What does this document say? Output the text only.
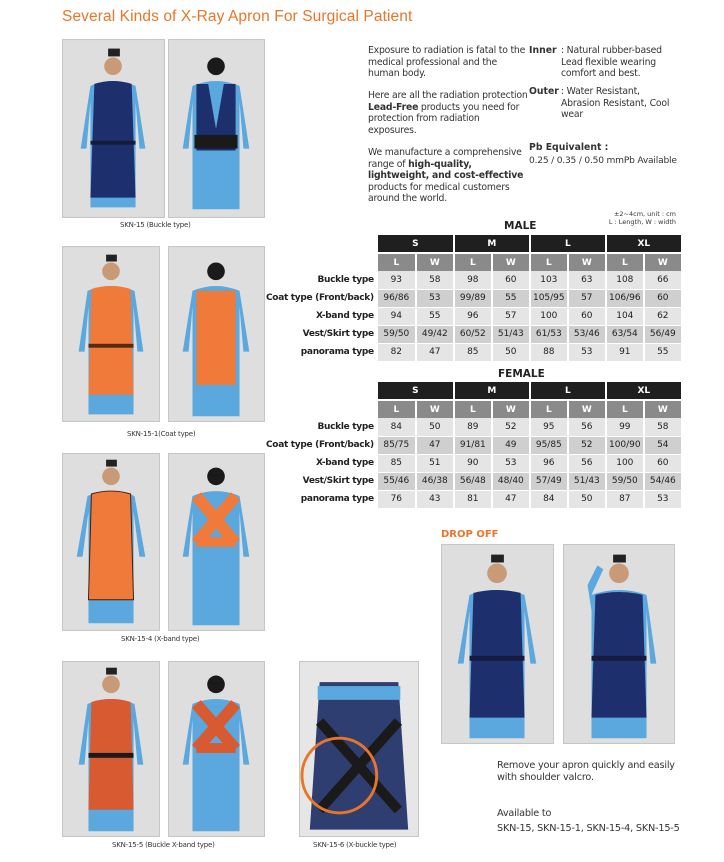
Several Kinds of X-Ray Apron For Surgical Patient
SKN-15 (Buckle type)
SKN-15-1(Coat type)
SKN-15-4 (X-band type)
SKN-15-5 (Buckle X-band type)	SKN-15-6 (X-buckle type)
Exposure to radiation is fatal to the medical professional and the human body.
Here are all the radiation protection Lead-Free products you need for protection from radiation exposures.
We manufacture a comprehensive range of high-quality, lightweight, and cost-effective products for medical customers around the world.
Inner : Natural rubber-based Lead flexible wearing comfort and best.
Outer : Water Resistant, Abrasion Resistant, Cool wear
Pb Equivalent :
0.25 / 0.35 / 0.50 mmPb Available
±2~4cm, unit : cm
L : Length, W : width
MALE
	S		M		L		XL	
	L	W	L	W	L	W	L	W
Buckle type	93	58	98	60	103	63	108	66
Coat type (Front/back)	96/86	53	99/89	55	105/95	57	106/96	60
X-band type	94	55	96	57	100	60	104	62
Vest/Skirt type	59/50	49/42	60/52	51/43	61/53	53/46	63/54	56/49
panorama type	82	47	85	50	88	53	91	55
FEMALE
	S		M		L		XL	
	L	W	L	W	L	W	L	W
Buckle type	84	50	89	52	95	56	99	58
Coat type (Front/back)	85/75	47	91/81	49	95/85	52	100/90	54
X-band type	85	51	90	53	96	56	100	60
Vest/Skirt type	55/46	46/38	56/48	48/40	57/49	51/43	59/50	54/46
panorama type	76	43	81	47	84	50	87	53
DROP OFF
Remove your apron quickly and easily with shoulder valcro.
Available to
SKN-15, SKN-15-1, SKN-15-4, SKN-15-5
